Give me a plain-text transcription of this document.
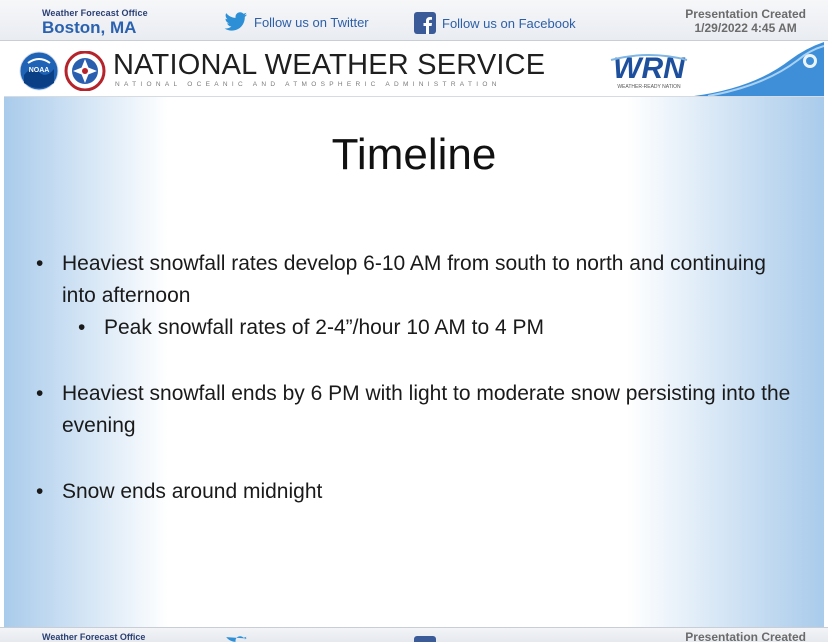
Weather Forecast Office
Boston, MA	Follow us on Twitter	Follow us on Facebook
Presentation Created
1/29/2022 4:45 AM
NOAA NATIONAL WEATHER SERVICE
NATIONAL OCEANIC AND ATMOSPHERIC ADMINISTRATION	WRN
WEATHER-READY NATION
Timeline
• Heaviest snowfall rates develop 6-10 AM from south to north and continuing into afternoon
• Peak snowfall rates of 2-4”/hour 10 AM to 4 PM
• Heaviest snowfall ends by 6 PM with light to moderate snow persisting into the evening
• Snow ends around midnight
Weather Forecast Office	Presentation Created
